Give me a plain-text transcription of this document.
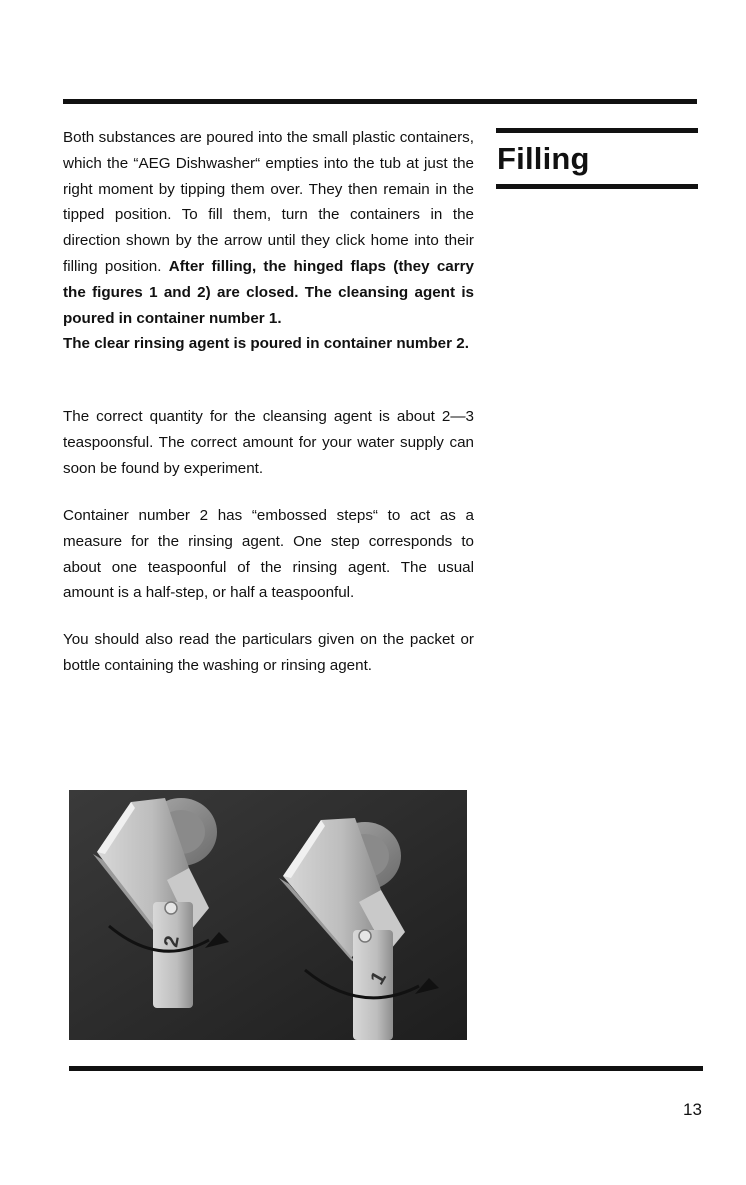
Filling
Both substances are poured into the small plastic containers, which the “AEG Dishwasher“ empties into the tub at just the right moment by tipping them over. They then remain in the tipped position. To fill them, turn the containers in the direction shown by the arrow until they click home into their filling position. After filling, the hinged flaps (they carry the figures 1 and 2) are closed. The cleansing agent is poured in container number 1.
The clear rinsing agent is poured in container number 2.
The correct quantity for the cleansing agent is about 2—3 teaspoonsful. The correct amount for your water supply can soon be found by experiment.
Container number 2 has “embossed steps“ to act as a measure for the rinsing agent. One step corresponds to about one teaspoonful of the rinsing agent. The usual amount is a half-step, or half a teaspoonful.
You should also read the particulars given on the packet or bottle containing the washing or rinsing agent.
2
1
13
